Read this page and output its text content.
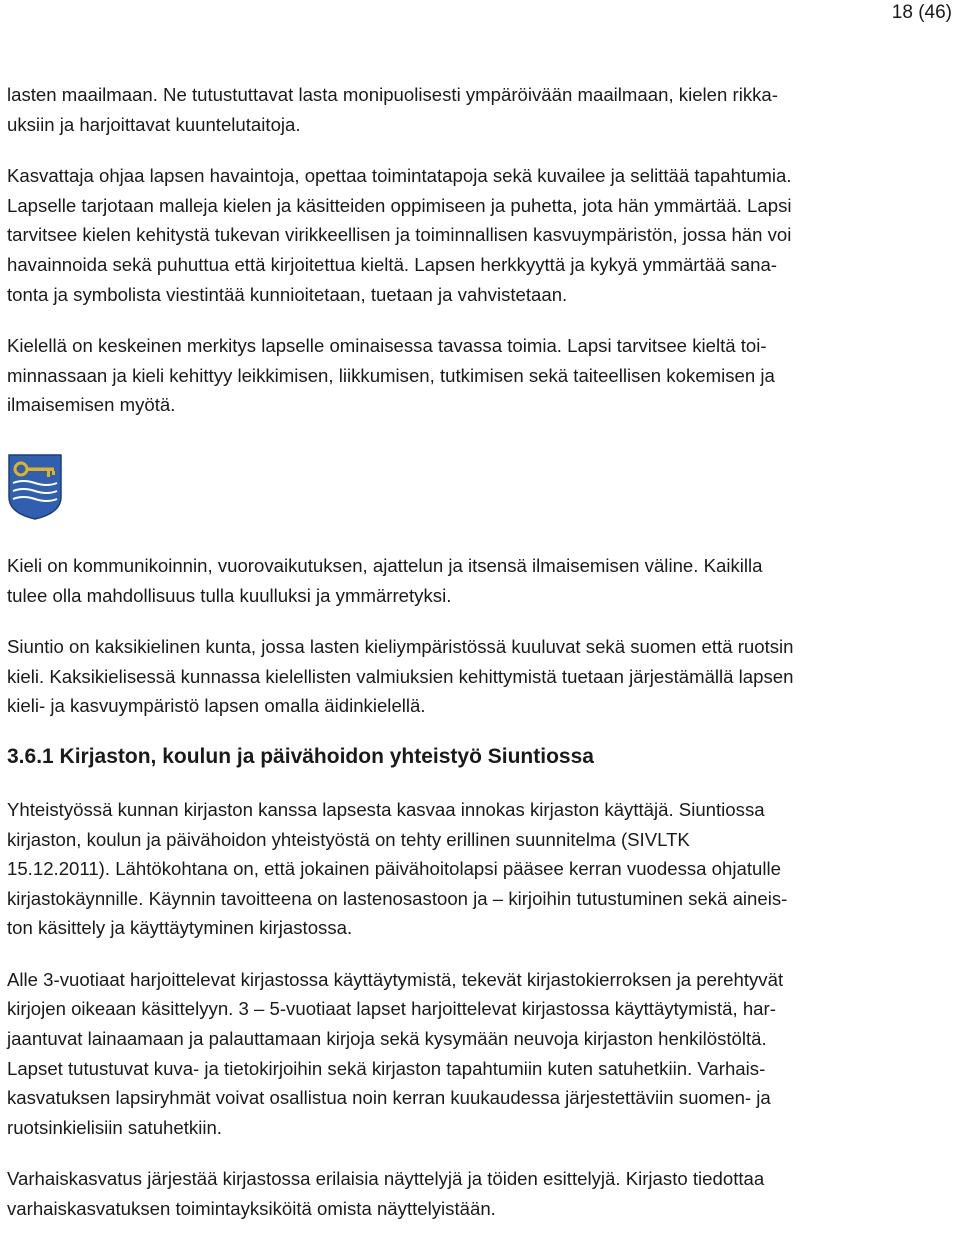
18 (46)

lasten maailmaan. Ne tutustuttavat lasta monipuolisesti ympäröivään maailmaan, kielen rikka-

uksiin ja harjoittavat kuuntelutaitoja.

Kasvattaja ohjaa lapsen havaintoja, opettaa toimintatapoja sekä kuvailee ja selittää tapahtumia.

Lapselle tarjotaan malleja kielen ja käsitteiden oppimiseen ja puhetta, jota hän ymmärtää. Lapsi

tarvitsee kielen kehitystä tukevan virikkeellisen ja toiminnallisen kasvuympäristön, jossa hän voi

havainnoida sekä puhuttua että kirjoitettua kieltä. Lapsen herkkyyttä ja kykyä ymmärtää sana-

tonta ja symbolista viestintää kunnioitetaan, tuetaan ja vahvistetaan.

Kielellä on keskeinen merkitys lapselle ominaisessa tavassa toimia. Lapsi tarvitsee kieltä toi-

minnassaan ja kieli kehittyy leikkimisen, liikkumisen, tutkimisen sekä taiteellisen kokemisen ja

ilmaisemisen myötä.

Kieli on kommunikoinnin, vuorovaikutuksen, ajattelun ja itsensä ilmaisemisen väline. Kaikilla

tulee olla mahdollisuus tulla kuulluksi ja ymmärretyksi.

Siuntio on kaksikielinen kunta, jossa lasten kieliympäristössä kuuluvat sekä suomen että ruotsin

kieli. Kaksikielisessä kunnassa kielellisten valmiuksien kehittymistä tuetaan järjestämällä lapsen

kieli- ja kasvuympäristö lapsen omalla äidinkielellä.

3.6.1 Kirjaston, koulun ja päivähoidon yhteistyö Siuntiossa

Yhteistyössä kunnan kirjaston kanssa lapsesta kasvaa innokas kirjaston käyttäjä. Siuntiossa

kirjaston, koulun ja päivähoidon yhteistyöstä on tehty erillinen suunnitelma (SIVLTK

15.12.2011). Lähtökohtana on, että jokainen päivähoitolapsi pääsee kerran vuodessa ohjatulle

kirjastokäynnille. Käynnin tavoitteena on lastenosastoon ja – kirjoihin tutustuminen sekä aineis-

ton käsittely ja käyttäytyminen kirjastossa.

Alle 3-vuotiaat harjoittelevat kirjastossa käyttäytymistä, tekevät kirjastokierroksen ja perehtyvät

kirjojen oikeaan käsittelyyn. 3 – 5-vuotiaat lapset harjoittelevat kirjastossa käyttäytymistä, har-

jaantuvat lainaamaan ja palauttamaan kirjoja sekä kysymään neuvoja kirjaston henkilöstöltä.

Lapset tutustuvat kuva- ja tietokirjoihin sekä kirjaston tapahtumiin kuten satuhetkiin. Varhais-

kasvatuksen lapsiryhmät voivat osallistua noin kerran kuukaudessa järjestettäviin suomen- ja

ruotsinkielisiin satuhetkiin.

Varhaiskasvatus järjestää kirjastossa erilaisia näyttelyjä ja töiden esittelyjä. Kirjasto tiedottaa

varhaiskasvatuksen toimintayksiköitä omista näyttelyistään.
